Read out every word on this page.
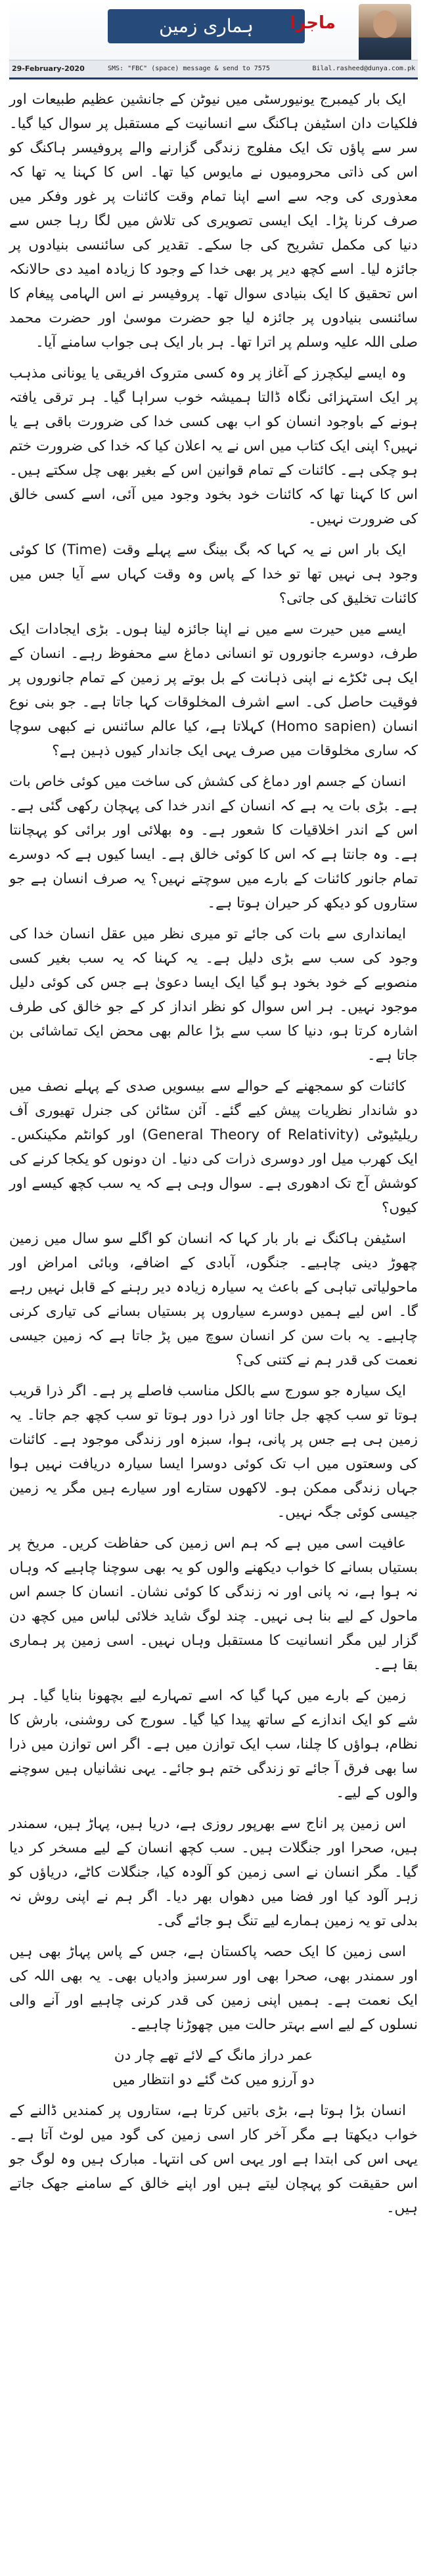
ہماری زمین	ماجرا
29-February-2020	SMS: "FBC" (space) message & send to 7575	Bilal.rasheed@dunya.com.pk

ایک بار کیمبرج یونیورسٹی میں نیوٹن کے جانشین عظیم طبیعات اور فلکیات دان اسٹیفن ہاکنگ سے انسانیت کے مستقبل پر سوال کیا گیا۔ سر سے پاؤں تک ایک مفلوج زندگی گزارنے والے پروفیسر ہاکنگ کو اس کی ذاتی محرومیوں نے مایوس کیا تھا۔ اس کا کہنا یہ تھا کہ معذوری کی وجہ سے اسے اپنا تمام وقت کائنات پر غور وفکر میں صرف کرنا پڑا۔ ایک ایسی تصویری کی تلاش میں لگا رہا جس سے دنیا کی مکمل تشریح کی جا سکے۔ تقدیر کی سائنسی بنیادوں پر جائزہ لیا۔ اسے کچھ دیر پر بھی خدا کے وجود کا زیادہ امید دی حالانکہ اس تحقیق کا ایک بنیادی سوال تھا۔ پروفیسر نے اس الہامی پیغام کا سائنسی بنیادوں پر جائزہ لیا جو حضرت موسیٰ اور حضرت محمد صلی اللہ علیہ وسلم پر اترا تھا۔ ہر بار ایک ہی جواب سامنے آیا۔

وہ ایسے لیکچرز کے آغاز پر وہ کسی متروک افریقی یا یونانی مذہب پر ایک استہزائی نگاہ ڈالتا ہمیشہ خوب سراہا گیا۔ ہر ترقی یافتہ ہونے کے باوجود انسان کو اب بھی کسی خدا کی ضرورت باقی ہے یا نہیں؟ اپنی ایک کتاب میں اس نے یہ اعلان کیا کہ خدا کی ضرورت ختم ہو چکی ہے۔ کائنات کے تمام قوانین اس کے بغیر بھی چل سکتے ہیں۔ اس کا کہنا تھا کہ کائنات خود بخود وجود میں آئی، اسے کسی خالق کی ضرورت نہیں۔

ایک بار اس نے یہ کہا کہ بگ بینگ سے پہلے وقت (Time) کا کوئی وجود ہی نہیں تھا تو خدا کے پاس وہ وقت کہاں سے آیا جس میں کائنات تخلیق کی جاتی؟

ایسے میں حیرت سے میں نے اپنا جائزہ لینا ہوں۔ بڑی ایجادات ایک طرف، دوسرے جانوروں تو انسانی دماغ سے محفوظ رہے۔ انسان کے ایک ہی ٹکڑے نے اپنی ذہانت کے بل بوتے پر زمین کے تمام جانوروں پر فوقیت حاصل کی۔ اسے اشرف المخلوقات کہا جاتا ہے۔ جو بنی نوع انسان (Homo sapien) کہلاتا ہے، کیا عالم سائنس نے کبھی سوچا کہ ساری مخلوقات میں صرف یہی ایک جاندار کیوں ذہین ہے؟

انسان کے جسم اور دماغ کی کشش کی ساخت میں کوئی خاص بات ہے۔ بڑی بات یہ ہے کہ انسان کے اندر خدا کی پہچان رکھی گئی ہے۔ اس کے اندر اخلاقیات کا شعور ہے۔ وہ بھلائی اور برائی کو پہچانتا ہے۔ وہ جانتا ہے کہ اس کا کوئی خالق ہے۔ ایسا کیوں ہے کہ دوسرے تمام جانور کائنات کے بارے میں سوچتے نہیں؟ یہ صرف انسان ہے جو ستاروں کو دیکھ کر حیران ہوتا ہے۔

ایمانداری سے بات کی جائے تو میری نظر میں عقل انسان خدا کی وجود کی سب سے بڑی دلیل ہے۔ یہ کہنا کہ یہ سب بغیر کسی منصوبے کے خود بخود ہو گیا ایک ایسا دعویٰ ہے جس کی کوئی دلیل موجود نہیں۔ ہر اس سوال کو نظر انداز کر کے جو خالق کی طرف اشارہ کرتا ہو، دنیا کا سب سے بڑا عالم بھی محض ایک تماشائی بن جاتا ہے۔

کائنات کو سمجھنے کے حوالے سے بیسویں صدی کے پہلے نصف میں دو شاندار نظریات پیش کیے گئے۔ آئن سٹائن کی جنرل تھیوری آف ریلیٹیوٹی (General Theory of Relativity) اور کوانٹم مکینکس۔ ایک کھرب میل اور دوسری ذرات کی دنیا۔ ان دونوں کو یکجا کرنے کی کوشش آج تک ادھوری ہے۔ سوال وہی ہے کہ یہ سب کچھ کیسے اور کیوں؟

اسٹیفن ہاکنگ نے بار بار کہا کہ انسان کو اگلے سو سال میں زمین چھوڑ دینی چاہیے۔ جنگوں، آبادی کے اضافے، وبائی امراض اور ماحولیاتی تباہی کے باعث یہ سیارہ زیادہ دیر رہنے کے قابل نہیں رہے گا۔ اس لیے ہمیں دوسرے سیاروں پر بستیاں بسانے کی تیاری کرنی چاہیے۔ یہ بات سن کر انسان سوچ میں پڑ جاتا ہے کہ زمین جیسی نعمت کی قدر ہم نے کتنی کی؟

ایک سیارہ جو سورج سے بالکل مناسب فاصلے پر ہے۔ اگر ذرا قریب ہوتا تو سب کچھ جل جاتا اور ذرا دور ہوتا تو سب کچھ جم جاتا۔ یہ زمین ہی ہے جس پر پانی، ہوا، سبزہ اور زندگی موجود ہے۔ کائنات کی وسعتوں میں اب تک کوئی دوسرا ایسا سیارہ دریافت نہیں ہوا جہاں زندگی ممکن ہو۔ لاکھوں ستارے اور سیارے ہیں مگر یہ زمین جیسی کوئی جگہ نہیں۔

عافیت اسی میں ہے کہ ہم اس زمین کی حفاظت کریں۔ مریخ پر بستیاں بسانے کا خواب دیکھنے والوں کو یہ بھی سوچنا چاہیے کہ وہاں نہ ہوا ہے، نہ پانی اور نہ زندگی کا کوئی نشان۔ انسان کا جسم اس ماحول کے لیے بنا ہی نہیں۔ چند لوگ شاید خلائی لباس میں کچھ دن گزار لیں مگر انسانیت کا مستقبل وہاں نہیں۔ اسی زمین پر ہماری بقا ہے۔

زمین کے بارے میں کہا گیا کہ اسے تمہارے لیے بچھونا بنایا گیا۔ ہر شے کو ایک اندازے کے ساتھ پیدا کیا گیا۔ سورج کی روشنی، بارش کا نظام، ہواؤں کا چلنا، سب ایک توازن میں ہے۔ اگر اس توازن میں ذرا سا بھی فرق آ جائے تو زندگی ختم ہو جائے۔ یہی نشانیاں ہیں سوچنے والوں کے لیے۔

اس زمین پر اناج سے بھرپور روزی ہے، دریا ہیں، پہاڑ ہیں، سمندر ہیں، صحرا اور جنگلات ہیں۔ سب کچھ انسان کے لیے مسخر کر دیا گیا۔ مگر انسان نے اسی زمین کو آلودہ کیا، جنگلات کاٹے، دریاؤں کو زہر آلود کیا اور فضا میں دھواں بھر دیا۔ اگر ہم نے اپنی روش نہ بدلی تو یہ زمین ہمارے لیے تنگ ہو جائے گی۔

اسی زمین کا ایک حصہ پاکستان ہے، جس کے پاس پہاڑ بھی ہیں اور سمندر بھی، صحرا بھی اور سرسبز وادیاں بھی۔ یہ بھی اللہ کی ایک نعمت ہے۔ ہمیں اپنی زمین کی قدر کرنی چاہیے اور آنے والی نسلوں کے لیے اسے بہتر حالت میں چھوڑنا چاہیے۔

عمر دراز مانگ کے لائے تھے چار دن
دو آرزو میں کٹ گئے دو انتظار میں

انسان بڑا ہوتا ہے، بڑی باتیں کرتا ہے، ستاروں پر کمندیں ڈالنے کے خواب دیکھتا ہے مگر آخر کار اسی زمین کی گود میں لوٹ آتا ہے۔ یہی اس کی ابتدا ہے اور یہی اس کی انتہا۔ مبارک ہیں وہ لوگ جو اس حقیقت کو پہچان لیتے ہیں اور اپنے خالق کے سامنے جھک جاتے ہیں۔
